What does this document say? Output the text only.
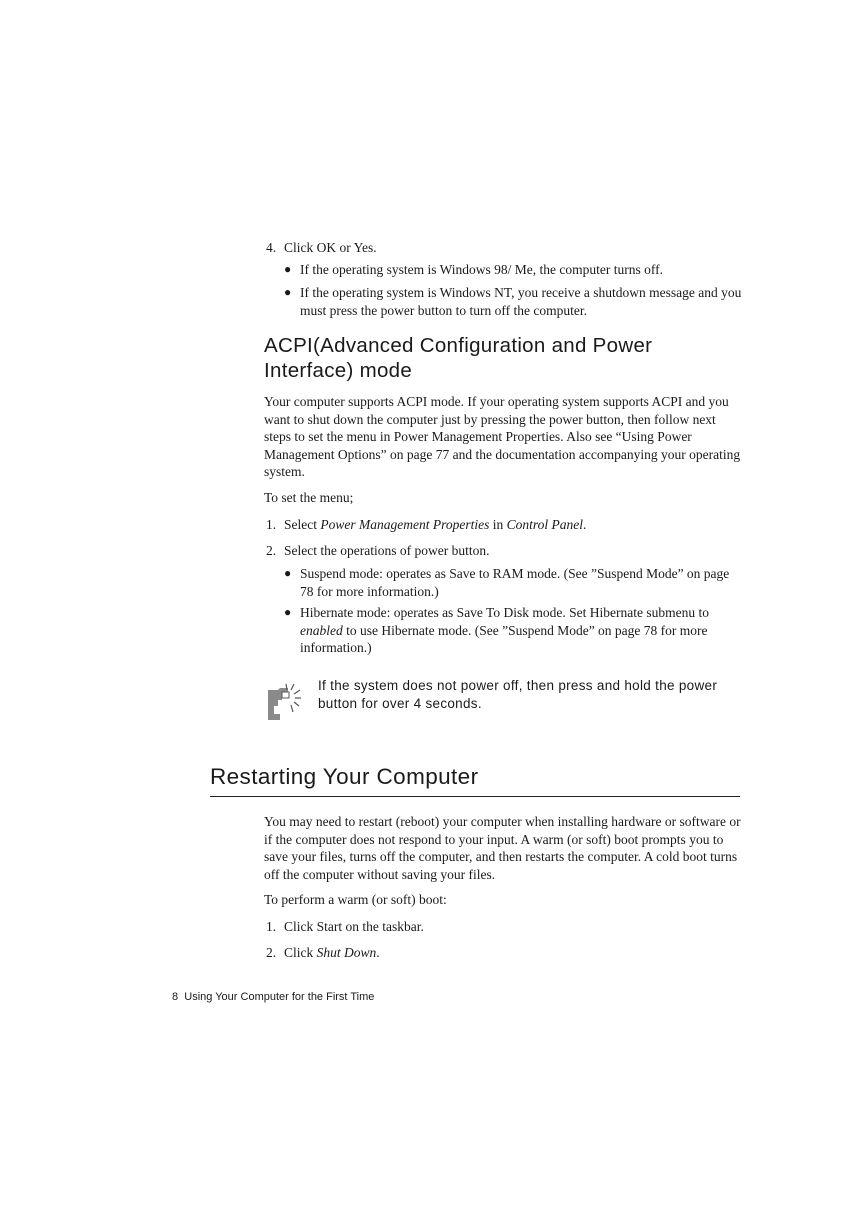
4. Click OK or Yes.
● If the operating system is Windows 98/ Me, the computer turns off.
● If the operating system is Windows NT, you receive a shutdown message and you must press the power button to turn off the computer.
ACPI(Advanced Configuration and Power
Interface) mode
Your computer supports ACPI mode. If your operating system supports ACPI and you want to shut down the computer just by pressing the power button, then follow next steps to set the menu in Power Management Properties. Also see “Using Power Management Options” on page 77 and the documentation accompanying your operating system.
To set the menu;
1. Select Power Management Properties in Control Panel.
2. Select the operations of power button.
● Suspend mode: operates as Save to RAM mode. (See ”Suspend Mode” on page 78 for more information.)
● Hibernate mode: operates as Save To Disk mode. Set Hibernate submenu to enabled to use Hibernate mode. (See ”Suspend Mode” on page 78 for more information.)
If the system does not power off, then press and hold the power button for over 4 seconds.
Restarting Your Computer
You may need to restart (reboot) your computer when installing hardware or software or if the computer does not respond to your input. A warm (or soft) boot prompts you to save your files, turns off the computer, and then restarts the computer. A cold boot turns off the computer without saving your files.
To perform a warm (or soft) boot:
1. Click Start on the taskbar.
2. Click Shut Down.
8 Using Your Computer for the First Time
